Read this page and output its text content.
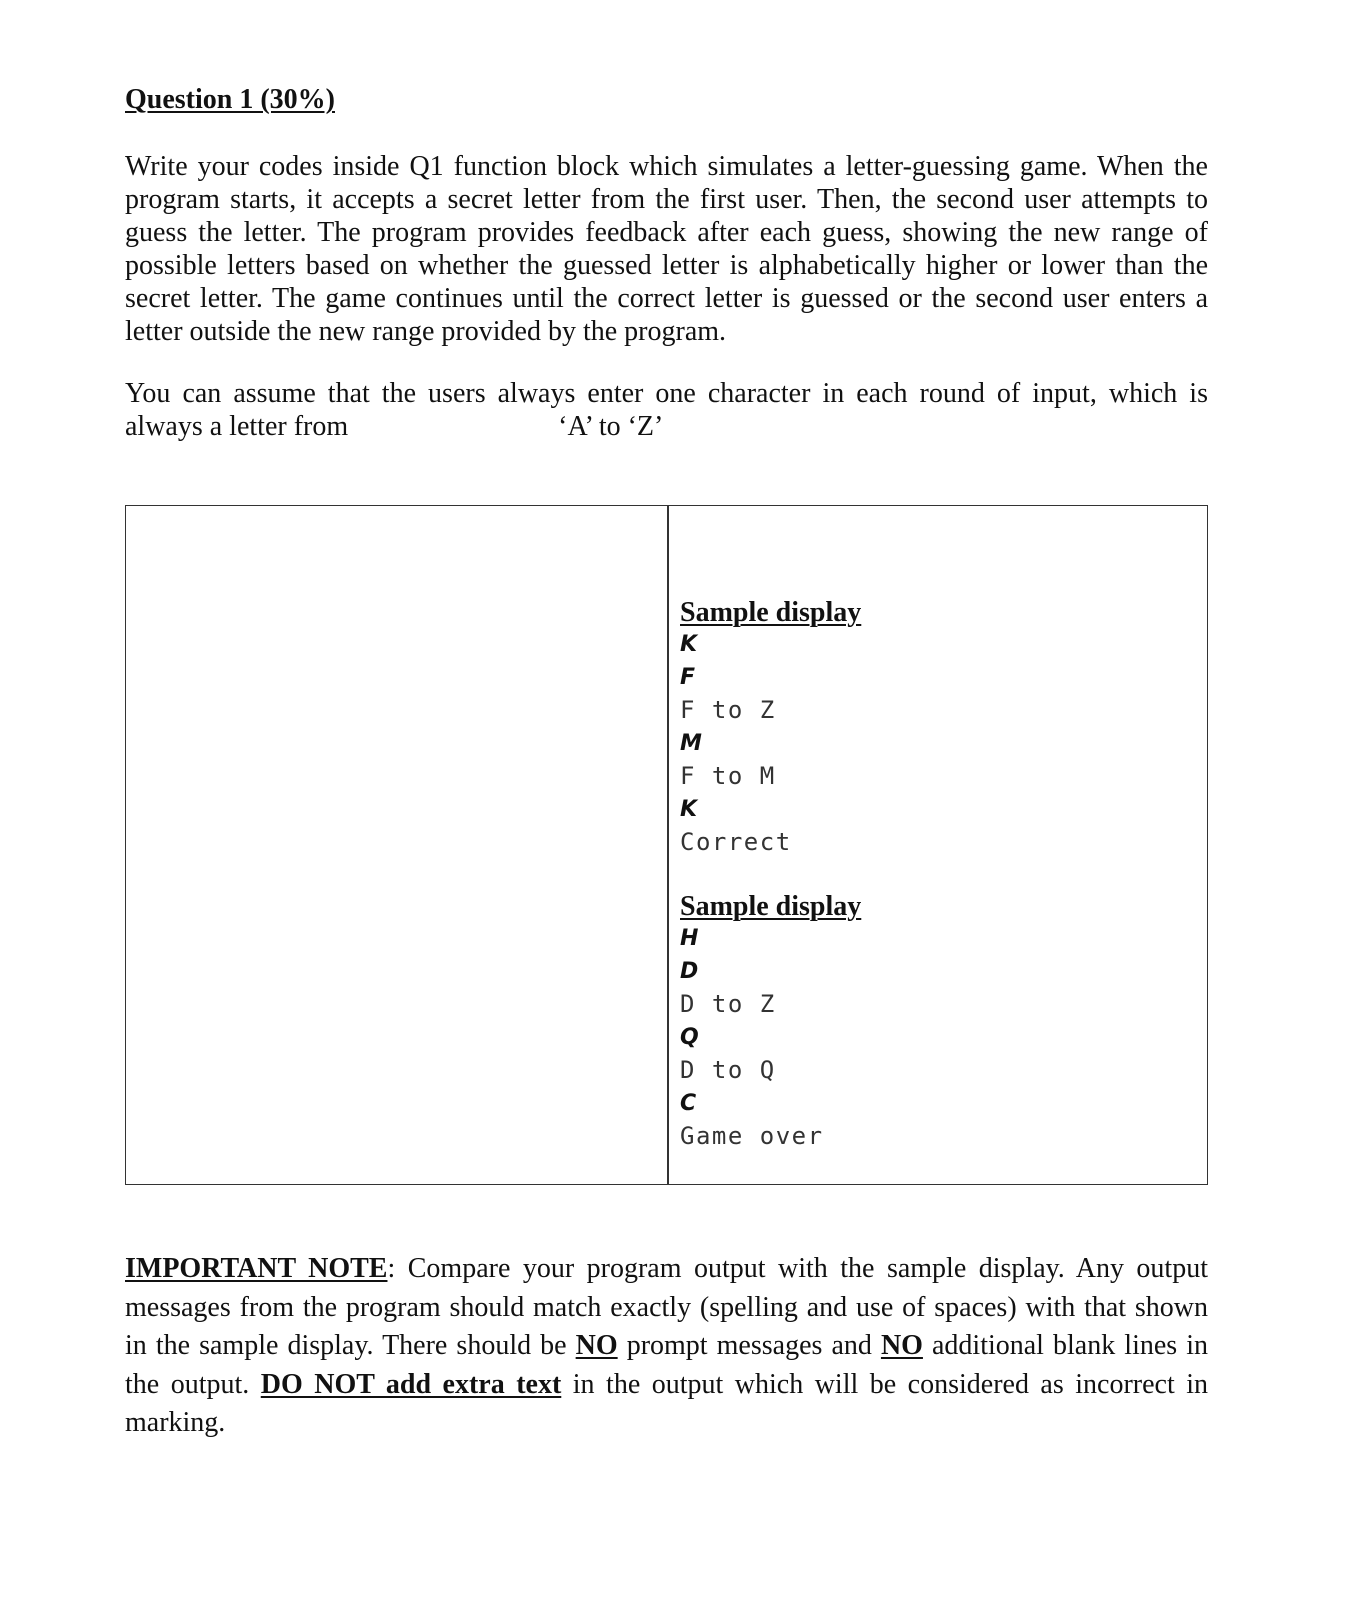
Question 1 (30%)

Write your codes inside Q1 function block which simulates a letter-guessing game. When the program starts, it accepts a secret letter from the first user. Then, the second user attempts to guess the letter. The program provides feedback after each guess, showing the new range of possible letters based on whether the guessed letter is alphabetically higher or lower than the secret letter. The game continues until the correct letter is guessed or the second user enters a letter outside the new range provided by the program.

You can assume that the users always enter one character in each round of input, which is always a letter from	‘A’ to ‘Z’

Sample display
K
F
F to Z
M
F to M
K
Correct
Sample display
H
D
D to Z
Q
D to Q
C
Game over

IMPORTANT NOTE: Compare your program output with the sample display. Any output messages from the program should match exactly (spelling and use of spaces) with that shown in the sample display. There should be NO prompt messages and NO additional blank lines in the output. DO NOT add extra text in the output which will be considered as incorrect in marking.
